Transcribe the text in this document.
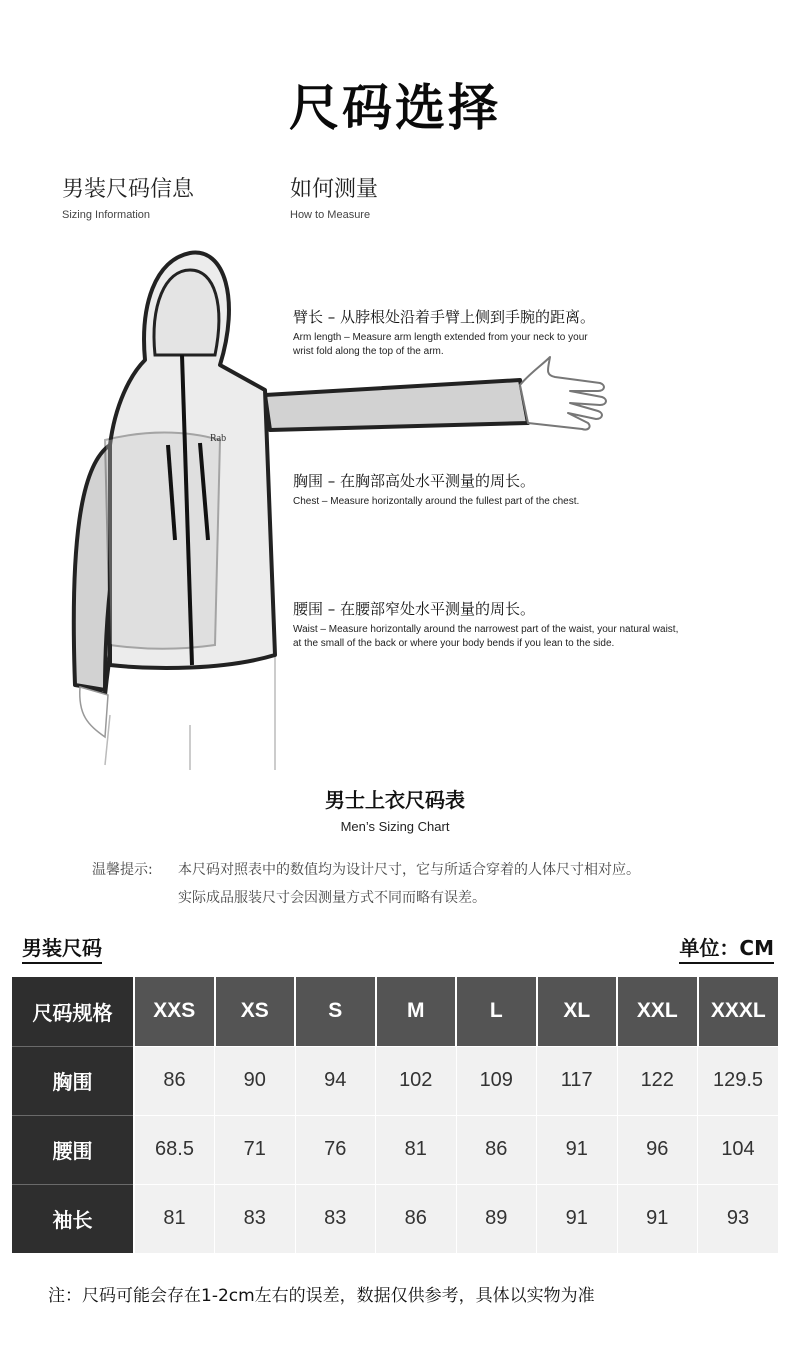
尺码选择
男装尺码信息
Sizing Information
如何测量
How to Measure
Rab
臂长 – 从脖根处沿着手臂上侧到手腕的距离。
Arm length – Measure arm length extended from your neck to your
wrist fold along the top of the arm.
胸围 – 在胸部高处水平测量的周长。
Chest – Measure horizontally around the fullest part of the chest.
腰围 – 在腰部窄处水平测量的周长。
Waist – Measure horizontally around the narrowest part of the waist, your natural waist,
at the small of the back or where your body bends if you lean to the side.
男士上衣尺码表
Men’s Sizing Chart
温馨提示: 本尺码对照表中的数值均为设计尺寸，它与所适合穿着的人体尺寸相对应。
实际成品服装尺寸会因测量方式不同而略有误差。
男装尺码	单位：CM
尺码规格	XXS	XS	S	M	L	XL	XXL	XXXL
胸围	86	90	94	102	109	117	122	129.5
腰围	68.5	71	76	81	86	91	96	104
袖长	81	83	83	86	89	91	91	93
注：尺码可能会存在1-2cm左右的误差，数据仅供参考，具体以实物为准
